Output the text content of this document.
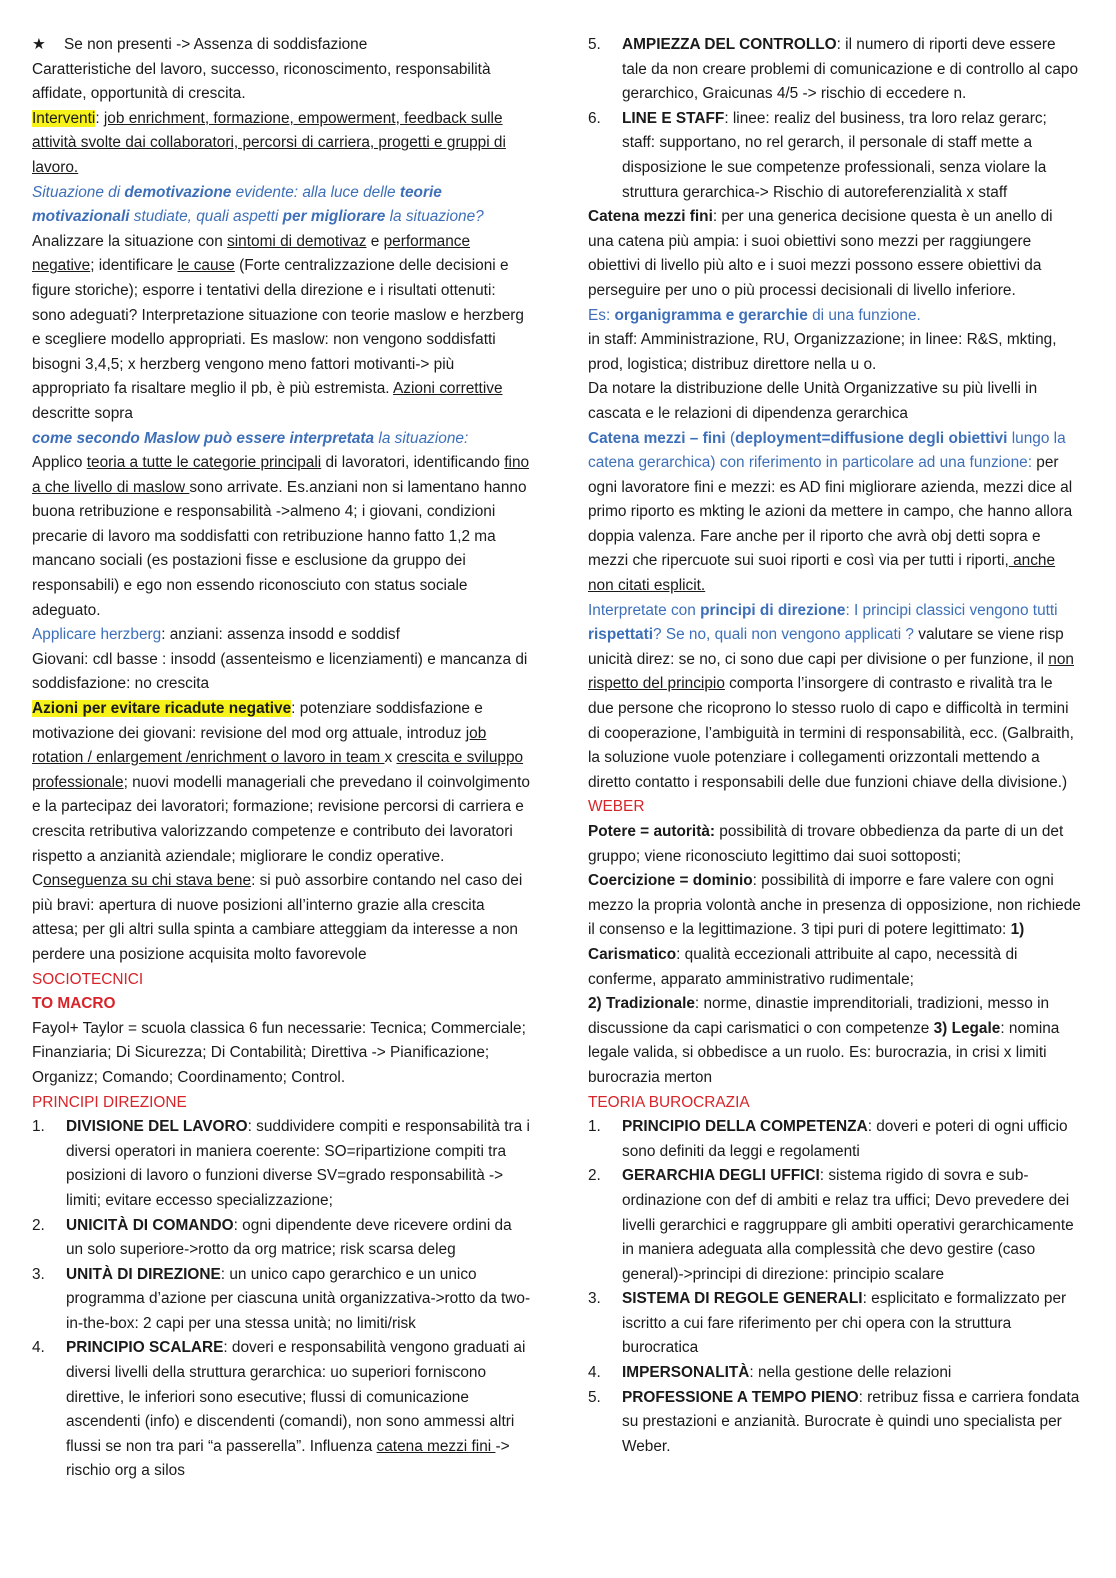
★ Se non presenti -> Assenza di soddisfazione

Caratteristiche del lavoro, successo, riconoscimento, responsabilità affidate, opportunità di crescita.

Interventi: job enrichment, formazione, empowerment, feedback sulle attività svolte dai collaboratori, percorsi di carriera, progetti e gruppi di lavoro.

Situazione di demotivazione evidente: alla luce delle teorie motivazionali studiate, quali aspetti per migliorare la situazione?

Analizzare la situazione con sintomi di demotivaz e performance negative; identificare le cause (Forte centralizzazione delle decisioni e figure storiche); esporre i tentativi della direzione e i risultati ottenuti: sono adeguati? Interpretazione situazione con teorie maslow e herzberg e scegliere modello appropriati. Es maslow: non vengono soddisfatti bisogni 3,4,5; x herzberg vengono meno fattori motivanti-> più appropriato fa risaltare meglio il pb, è più estremista. Azioni correttive descritte sopra

come secondo Maslow può essere interpretata la situazione:

Applico teoria a tutte le categorie principali di lavoratori, identificando fino a che livello di maslow sono arrivate. Es.anziani non si lamentano hanno buona retribuzione e responsabilità ->almeno 4; i giovani, condizioni precarie di lavoro ma soddisfatti con retribuzione hanno fatto 1,2 ma mancano sociali (es postazioni fisse e esclusione da gruppo dei responsabili) e ego non essendo riconosciuto con status sociale adeguato.

Applicare herzberg: anziani: assenza insodd e soddisf

Giovani: cdl basse : insodd (assenteismo e licenziamenti) e mancanza di soddisfazione: no crescita

Azioni per evitare ricadute negative: potenziare soddisfazione e motivazione dei giovani: revisione del mod org attuale, introduz job rotation / enlargement /enrichment o lavoro in team x crescita e sviluppo professionale; nuovi modelli manageriali che prevedano il coinvolgimento e la partecipaz dei lavoratori; formazione; revisione percorsi di carriera e crescita retributiva valorizzando competenze e contributo dei lavoratori rispetto a anzianità aziendale; migliorare le condiz operative. Conseguenza su chi stava bene: si può assorbire contando nel caso dei più bravi: apertura di nuove posizioni all’interno grazie alla crescita attesa; per gli altri sulla spinta a cambiare atteggiam da interesse a non perdere una posizione acquisita molto favorevole

SOCIOTECNICI

TO MACRO

Fayol+ Taylor = scuola classica 6 fun necessarie: Tecnica; Commerciale; Finanziaria; Di Sicurezza; Di Contabilità; Direttiva -> Pianificazione; Organizz; Comando; Coordinamento; Control.

PRINCIPI DIREZIONE

1. DIVISIONE DEL LAVORO: suddividere compiti e responsabilità tra i diversi operatori in maniera coerente: SO=ripartizione compiti tra posizioni di lavoro o funzioni diverse SV=grado responsabilità -> limiti; evitare eccesso specializzazione;
2. UNICITÀ DI COMANDO: ogni dipendente deve ricevere ordini da un solo superiore->rotto da org matrice; risk scarsa deleg
3. UNITÀ DI DIREZIONE: un unico capo gerarchico e un unico programma d’azione per ciascuna unità organizzativa->rotto da two-in-the-box: 2 capi per una stessa unità; no limiti/risk
4. PRINCIPIO SCALARE: doveri e responsabilità vengono graduati ai diversi livelli della struttura gerarchica: uo superiori forniscono direttive, le inferiori sono esecutive; flussi di comunicazione ascendenti (info) e discendenti (comandi), non sono ammessi altri flussi se non tra pari “a passerella”. Influenza catena mezzi fini -> rischio org a silos
5. AMPIEZZA DEL CONTROLLO: il numero di riporti deve essere tale da non creare problemi di comunicazione e di controllo al capo gerarchico, Graicunas 4/5 -> rischio di eccedere n.
6. LINE E STAFF: linee: realiz del business, tra loro relaz gerarc; staff: supportano, no rel gerarch, il personale di staff mette a disposizione le sue competenze professionali, senza violare la struttura gerarchica-> Rischio di autoreferenzialità x staff

Catena mezzi fini: per una generica decisione questa è un anello di una catena più ampia: i suoi obiettivi sono mezzi per raggiungere obiettivi di livello più alto e i suoi mezzi possono essere obiettivi da perseguire per uno o più processi decisionali di livello inferiore.

Es: organigramma e gerarchie di una funzione.

in staff: Amministrazione, RU, Organizzazione; in linee: R&S, mkting, prod, logistica; distribuz direttore nella u o.

Da notare la distribuzione delle Unità Organizzative su più livelli in cascata e le relazioni di dipendenza gerarchica

Catena mezzi – fini (deployment=diffusione degli obiettivi lungo la catena gerarchica) con riferimento in particolare ad una funzione: per ogni lavoratore fini e mezzi: es AD fini migliorare azienda, mezzi dice al primo riporto es mkting le azioni da mettere in campo, che hanno allora doppia valenza. Fare anche per il riporto che avrà obj detti sopra e mezzi che ripercuote sui suoi riporti e così via per tutti i riporti, anche non citati esplicit.

Interpretate con principi di direzione: I principi classici vengono tutti rispettati? Se no, quali non vengono applicati ? valutare se viene risp unicità direz: se no, ci sono due capi per divisione o per funzione, il non rispetto del principio comporta l’insorgere di contrasto e rivalità tra le due persone che ricoprono lo stesso ruolo di capo e difficoltà in termini di cooperazione, l’ambiguità in termini di responsabilità, ecc. (Galbraith, la soluzione vuole potenziare i collegamenti orizzontali mettendo a diretto contatto i responsabili delle due funzioni chiave della divisione.)

WEBER

Potere = autorità: possibilità di trovare obbedienza da parte di un det gruppo; viene riconosciuto legittimo dai suoi sottoposti;

Coercizione = dominio: possibilità di imporre e fare valere con ogni mezzo la propria volontà anche in presenza di opposizione, non richiede il consenso e la legittimazione. 3 tipi puri di potere legittimato: 1) Carismatico: qualità eccezionali attribuite al capo, necessità di conferme, apparato amministrativo rudimentale;

2) Tradizionale: norme, dinastie imprenditoriali, tradizioni, messo in discussione da capi carismatici o con competenze 3) Legale: nomina legale valida, si obbedisce a un ruolo. Es: burocrazia, in crisi x limiti burocrazia merton

TEORIA BUROCRAZIA

1. PRINCIPIO DELLA COMPETENZA: doveri e poteri di ogni ufficio sono definiti da leggi e regolamenti
2. GERARCHIA DEGLI UFFICI: sistema rigido di sovra e sub-ordinazione con def di ambiti e relaz tra uffici; Devo prevedere dei livelli gerarchici e raggruppare gli ambiti operativi gerarchicamente in maniera adeguata alla complessità che devo gestire (caso general)->principi di direzione: principio scalare
3. SISTEMA DI REGOLE GENERALI: esplicitato e formalizzato per iscritto a cui fare riferimento per chi opera con la struttura burocratica
4. IMPERSONALITÀ: nella gestione delle relazioni
5. PROFESSIONE A TEMPO PIENO: retribuz fissa e carriera fondata su prestazioni e anzianità. Burocrate è quindi uno specialista per Weber.
